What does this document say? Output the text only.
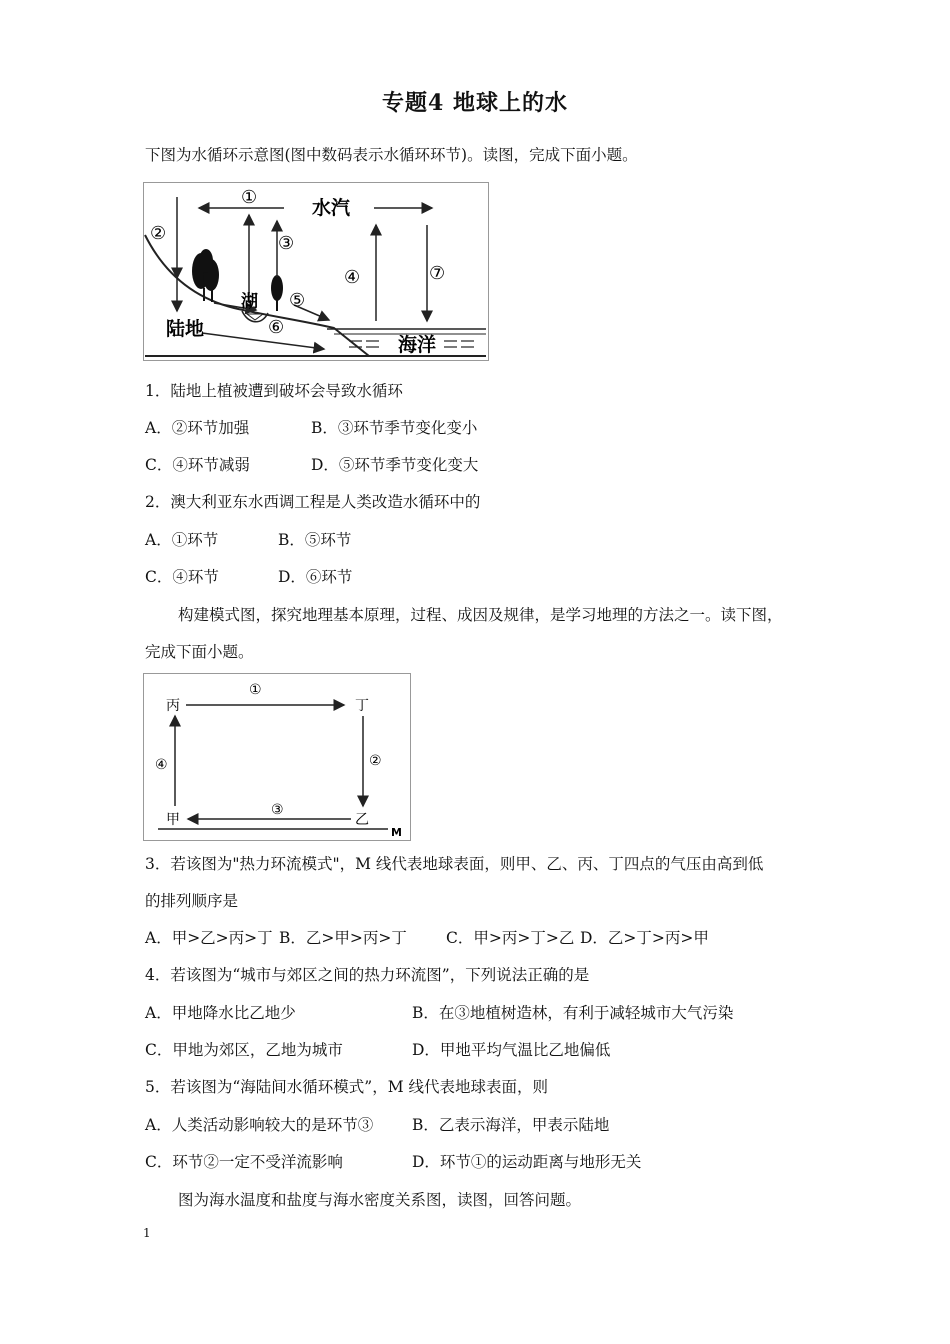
专题4 地球上的水
下图为水循环示意图(图中数码表示水循环环节)。读图，完成下面小题。
水汽
①
②	③
④	⑦
⑤
⑥
湖
陆地
海洋
1．陆地上植被遭到破坏会导致水循环
A．②环节加强	B．③环节季节变化变小
C．④环节减弱	D．⑤环节季节变化变大
2．澳大利亚东水西调工程是人类改造水循环中的
A．①环节	B．⑤环节
C．④环节	D．⑥环节
构建模式图，探究地理基本原理，过程、成因及规律，是学习地理的方法之一。读下图，
完成下面小题。
丙	丁
甲	乙
M
①
②
③
④
3．若该图为"热力环流模式"，M 线代表地球表面，则甲、乙、丙、丁四点的气压由高到低
的排列顺序是
A．甲>乙>丙>丁 B．乙>甲>丙>丁	C．甲>丙>丁>乙 D．乙>丁>丙>甲
4．若该图为“城市与郊区之间的热力环流图”，下列说法正确的是
A．甲地降水比乙地少	B．在③地植树造林，有利于减轻城市大气污染
C．甲地为郊区，乙地为城市	D．甲地平均气温比乙地偏低
5．若该图为“海陆间水循环模式”，M 线代表地球表面，则
A．人类活动影响较大的是环节③	B．乙表示海洋，甲表示陆地
C．环节②一定不受洋流影响	D．环节①的运动距离与地形无关
图为海水温度和盐度与海水密度关系图，读图，回答问题。
1
